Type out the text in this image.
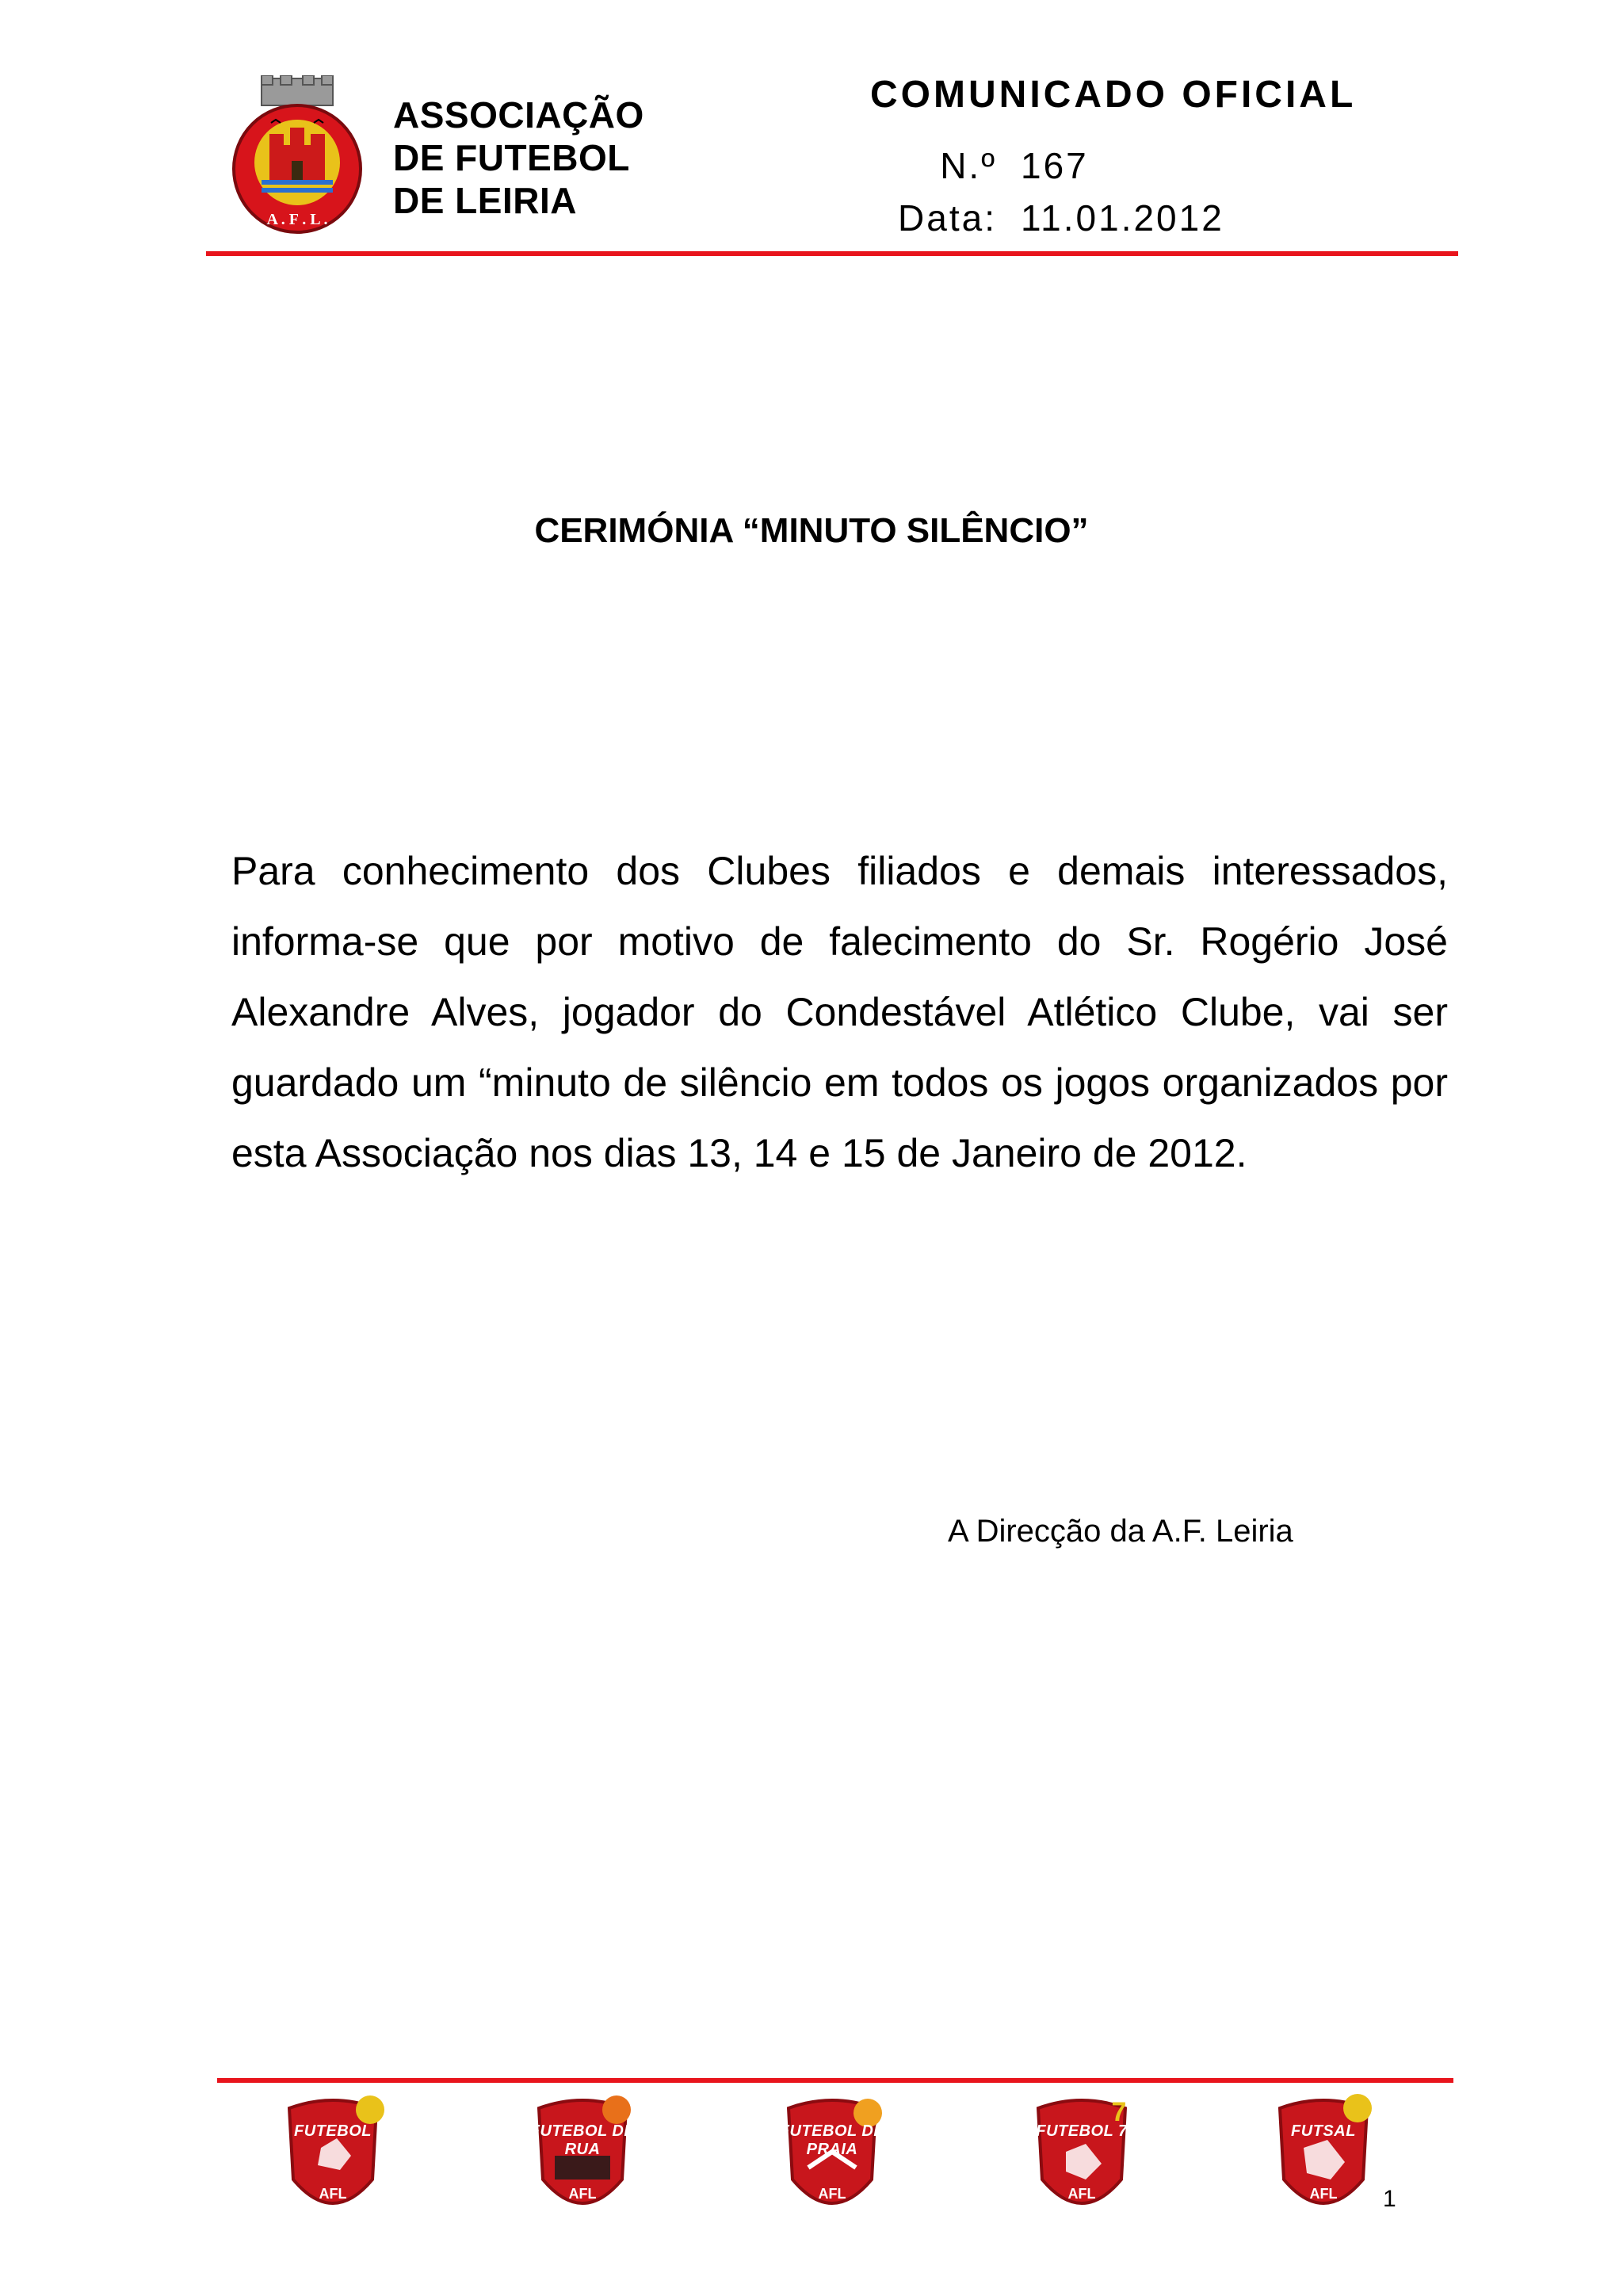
A . F . L .
ASSOCIAÇÃO
DE FUTEBOL
DE LEIRIA
COMUNICADO OFICIAL
N.º 167
Data: 11.01.2012
CERIMÓNIA “MINUTO SILÊNCIO”
Para conhecimento dos Clubes filiados e demais interessados, informa-se que por motivo de falecimento do Sr. Rogério José Alexandre Alves, jogador do Condestável Atlético Clube, vai ser guardado um “minuto de silêncio em todos os jogos organizados por esta Associação nos dias 13, 14 e 15 de Janeiro de 2012.
A Direcção da A.F. Leiria
FUTEBOL
AFL
FUTEBOL DE RUA
AFL
FUTEBOL DE PRAIA
AFL
7
FUTEBOL 7
AFL
FUTSAL
AFL	1
